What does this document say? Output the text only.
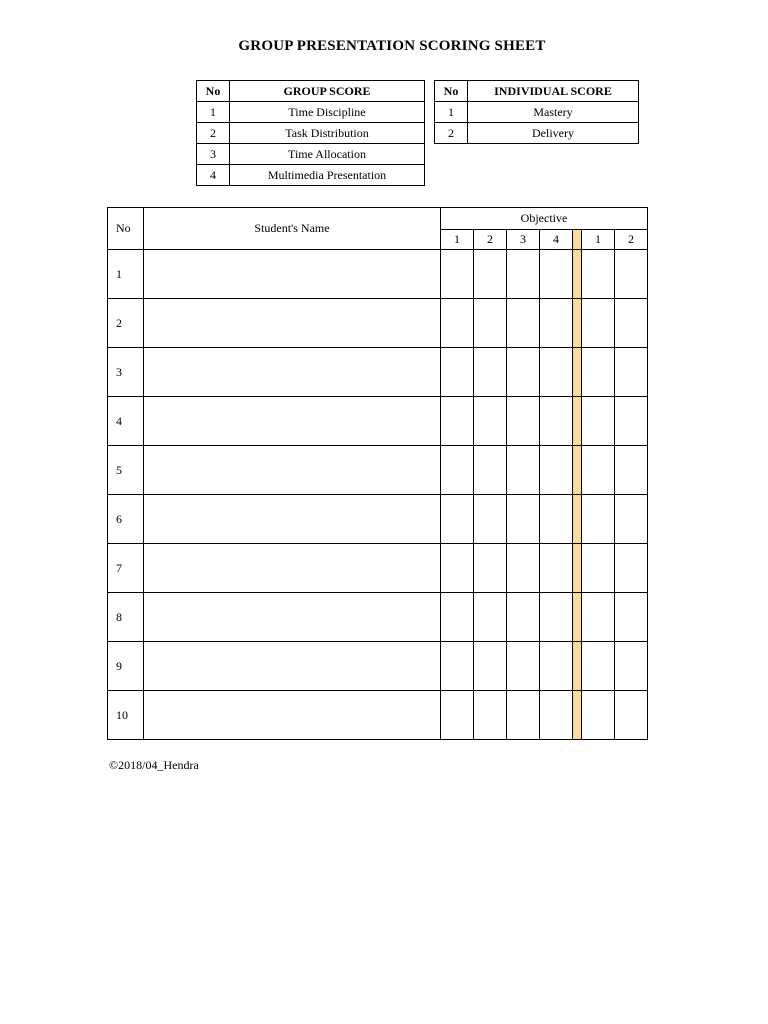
GROUP PRESENTATION SCORING SHEET
No	GROUP SCORE
1	Time Discipline
2	Task Distribution
3	Time Allocation
4	Multimedia Presentation
No	INDIVIDUAL SCORE
1	Mastery
2	Delivery
No	Student's Name	Objective						
		1	2	3	4		1	2
1								
2								
3								
4								
5								
6								
7								
8								
9								
10								
©2018/04_Hendra
